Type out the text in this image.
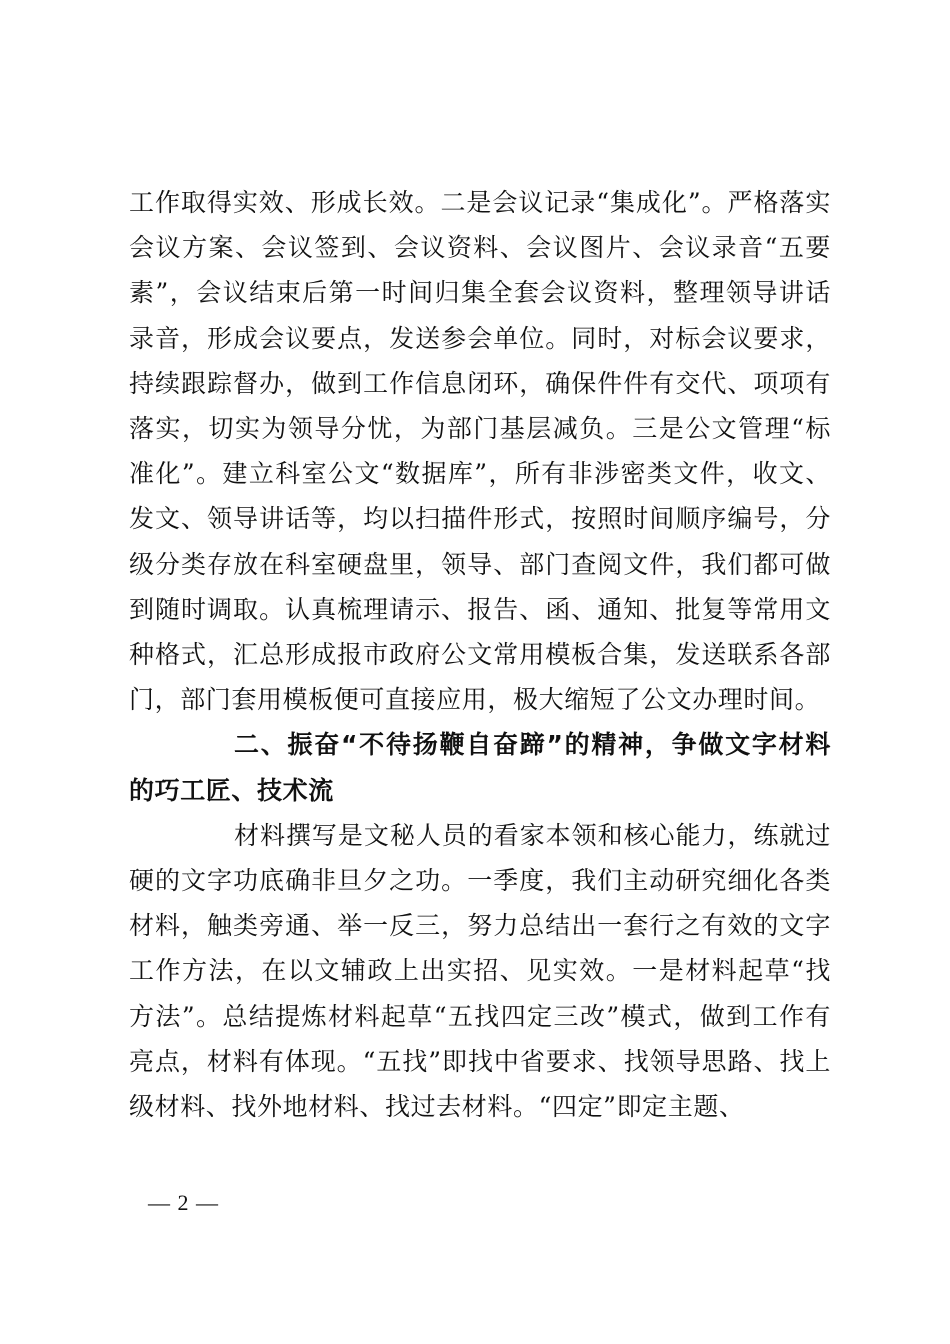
工作取得实效、形成长效。二是会议记录“集成化”。严格落实会议方案、会议签到、会议资料、会议图片、会议录音“五要素”，会议结束后第一时间归集全套会议资料，整理领导讲话录音，形成会议要点，发送参会单位。同时，对标会议要求，持续跟踪督办，做到工作信息闭环，确保件件有交代、项项有落实，切实为领导分忧，为部门基层减负。三是公文管理“标准化”。建立科室公文“数据库”，所有非涉密类文件，收文、发文、领导讲话等，均以扫描件形式，按照时间顺序编号，分级分类存放在科室硬盘里，领导、部门查阅文件，我们都可做到随时调取。认真梳理请示、报告、函、通知、批复等常用文种格式，汇总形成报市政府公文常用模板合集，发送联系各部门，部门套用模板便可直接应用，极大缩短了公文办理时间。

二、振奋“不待扬鞭自奋蹄”的精神，争做文字材料的巧工匠、技术流

材料撰写是文秘人员的看家本领和核心能力，练就过硬的文字功底确非旦夕之功。一季度，我们主动研究细化各类材料，触类旁通、举一反三，努力总结出一套行之有效的文字工作方法，在以文辅政上出实招、见实效。一是材料起草“找方法”。总结提炼材料起草“五找四定三改”模式，做到工作有亮点，材料有体现。“五找”即找中省要求、找领导思路、找上级材料、找外地材料、找过去材料。“四定”即定主题、

— 2 —
